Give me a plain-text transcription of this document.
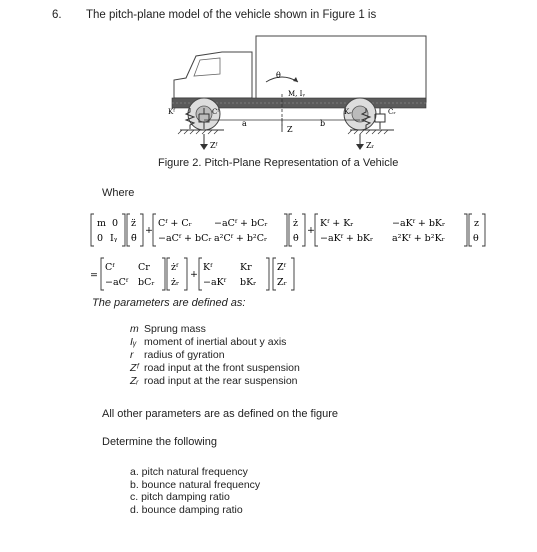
6. The pitch-plane model of the vehicle shown in Figure 1 is
θ
M, Iᵧ
Z
a	b
Kᶠ	Cᶠ	Kᵣ	Cᵣ
Zᶠ	Zᵣ
Figure 2. Pitch-Plane Representation of a Vehicle
Where
m 0
0 Iᵧ
z̈
θ̈
+
Cᶠ + Cᵣ −aCᶠ + bCᵣ
−aCᶠ + bCᵣ a²Cᶠ + b²Cᵣ
ż
θ̇
+
Kᶠ + Kᵣ	−aKᶠ + bKᵣ
−aKᶠ + bKᵣ a²Kᶠ + b²Kᵣ
z
θ
=
Cᶠ Cr
−aCᶠ bCᵣ
żᶠ
żᵣ
+
Kᶠ	Kr
−aKᶠ bKᵣ
Zᶠ
Zᵣ
The parameters are defined as:
m Sprung mass
Iᵧ moment of inertial about y axis
r radius of gyration
Zᶠ road input at the front suspension
Zᵣ road input at the rear suspension
All other parameters are as defined on the figure
Determine the following
a. pitch natural frequency
b. bounce natural frequency
c. pitch damping ratio
d. bounce damping ratio
